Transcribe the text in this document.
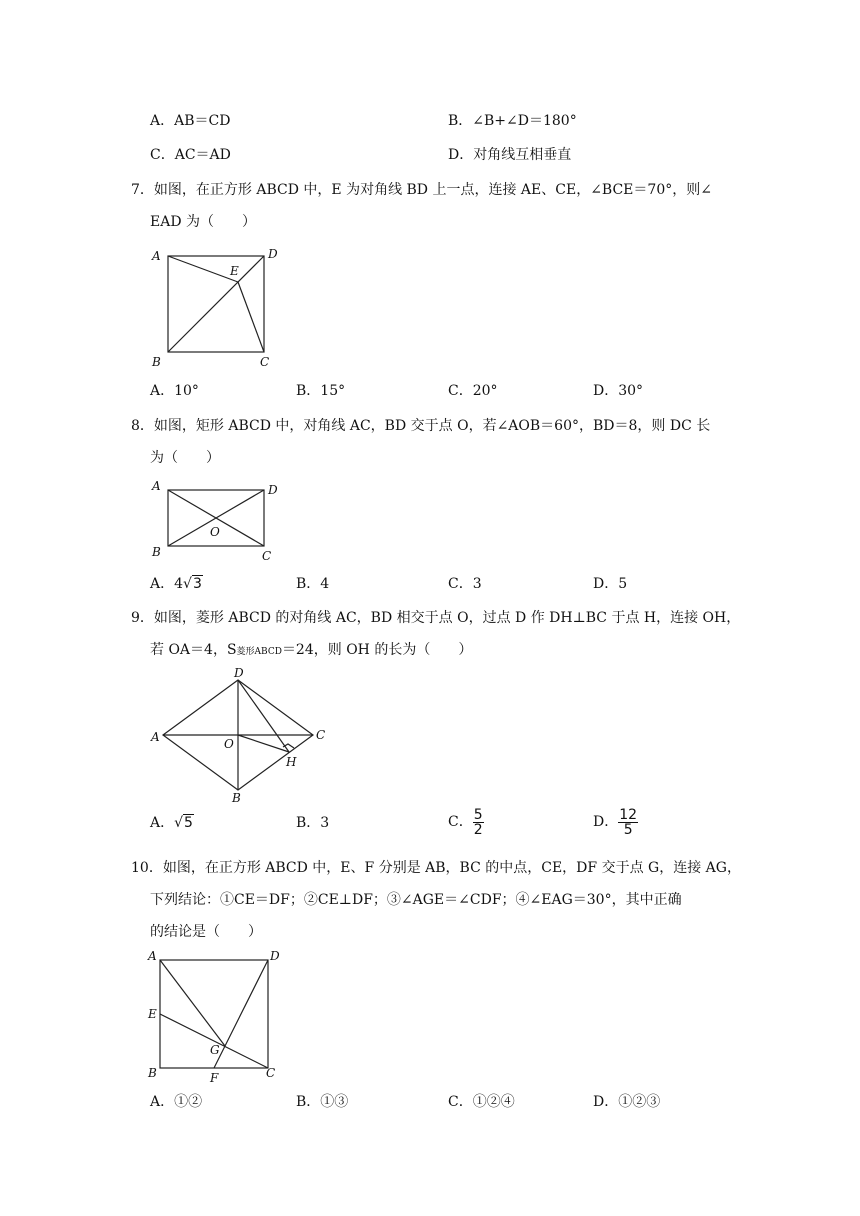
A．AB＝CD	B．∠B+∠D＝180°
C．AC＝AD	D．对角线互相垂直
7．如图，在正方形 ABCD 中，E 为对角线 BD 上一点，连接 AE、CE，∠BCE＝70°，则∠
EAD 为（　　）
A	D
B	C
E
A．10°	B．15°	C．20°	D．30°
8．如图，矩形 ABCD 中，对角线 AC，BD 交于点 O，若∠AOB＝60°，BD＝8，则 DC 长
为（　　）
A	D
B	C
O
A．4√3	B．4	C．3	D．5
9．如图，菱形 ABCD 的对角线 AC，BD 相交于点 O，过点 D 作 DH⊥BC 于点 H，连接 OH，
若 OA＝4，S菱形ABCD＝24，则 OH 的长为（　　）
A
D
C
B
O
H
A．√5	B．3	C． $\frac{5}{2}$	D． $\frac{12}{5}$
10．如图，在正方形 ABCD 中，E、F 分别是 AB，BC 的中点，CE，DF 交于点 G，连接 AG，
下列结论：①CE＝DF；②CE⊥DF；③∠AGE＝∠CDF；④∠EAG＝30°，其中正确
的结论是（　　）
A	D
E
B	C
F
G
A．①②	B．①③	C．①②④	D．①②③
